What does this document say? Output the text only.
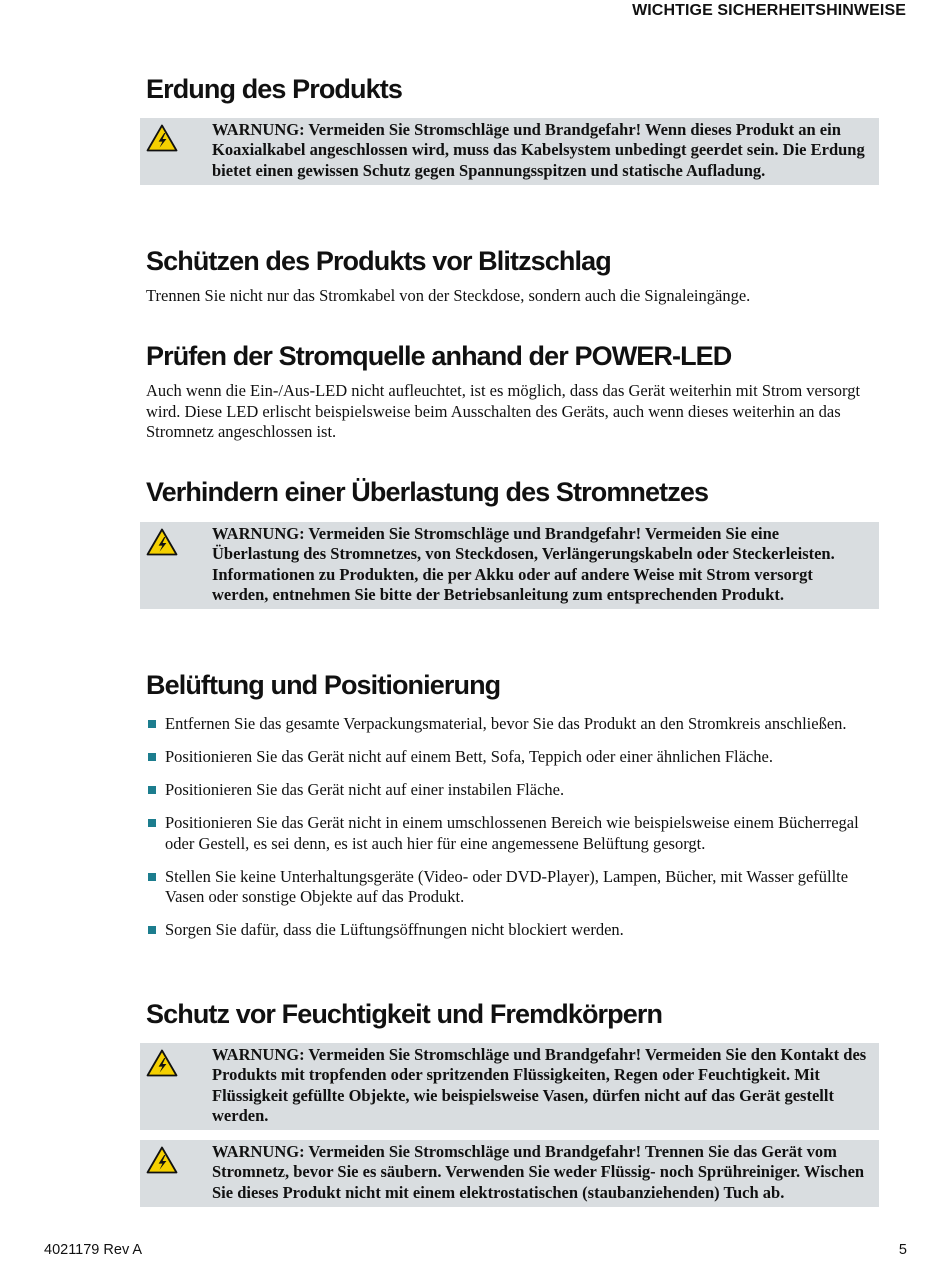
WICHTIGE SICHERHEITSHINWEISE
Erdung des Produkts

WARNUNG: Vermeiden Sie Stromschläge und Brandgefahr! Wenn dieses Produkt an ein Koaxialkabel angeschlossen wird, muss das Kabelsystem unbedingt geerdet sein. Die Erdung bietet einen gewissen Schutz gegen Spannungsspitzen und statische Aufladung.

Schützen des Produkts vor Blitzschlag

Trennen Sie nicht nur das Stromkabel von der Steckdose, sondern auch die Signaleingänge.

Prüfen der Stromquelle anhand der POWER-LED

Auch wenn die Ein-/Aus-LED nicht aufleuchtet, ist es möglich, dass das Gerät weiterhin mit Strom versorgt wird. Diese LED erlischt beispielsweise beim Ausschalten des Geräts, auch wenn dieses weiterhin an das Stromnetz angeschlossen ist.

Verhindern einer Überlastung des Stromnetzes

WARNUNG: Vermeiden Sie Stromschläge und Brandgefahr! Vermeiden Sie eine Überlastung des Stromnetzes, von Steckdosen, Verlängerungskabeln oder Steckerleisten. Informationen zu Produkten, die per Akku oder auf andere Weise mit Strom versorgt werden, entnehmen Sie bitte der Betriebsanleitung zum entsprechenden Produkt.

Belüftung und Positionierung
Entfernen Sie das gesamte Verpackungsmaterial, bevor Sie das Produkt an den Stromkreis anschließen.
Positionieren Sie das Gerät nicht auf einem Bett, Sofa, Teppich oder einer ähnlichen Fläche.
Positionieren Sie das Gerät nicht auf einer instabilen Fläche.
Positionieren Sie das Gerät nicht in einem umschlossenen Bereich wie beispielsweise einem Bücherregal oder Gestell, es sei denn, es ist auch hier für eine angemessene Belüftung gesorgt.
Stellen Sie keine Unterhaltungsgeräte (Video- oder DVD-Player), Lampen, Bücher, mit Wasser gefüllte Vasen oder sonstige Objekte auf das Produkt.
Sorgen Sie dafür, dass die Lüftungsöffnungen nicht blockiert werden.
Schutz vor Feuchtigkeit und Fremdkörpern

WARNUNG: Vermeiden Sie Stromschläge und Brandgefahr! Vermeiden Sie den Kontakt des Produkts mit tropfenden oder spritzenden Flüssigkeiten, Regen oder Feuchtigkeit. Mit Flüssigkeit gefüllte Objekte, wie beispielsweise Vasen, dürfen nicht auf das Gerät gestellt werden.

WARNUNG: Vermeiden Sie Stromschläge und Brandgefahr! Trennen Sie das Gerät vom Stromnetz, bevor Sie es säubern. Verwenden Sie weder Flüssig- noch Sprühreiniger. Wischen Sie dieses Produkt nicht mit einem elektrostatischen (staubanziehenden) Tuch ab.

4021179 Rev A	5
